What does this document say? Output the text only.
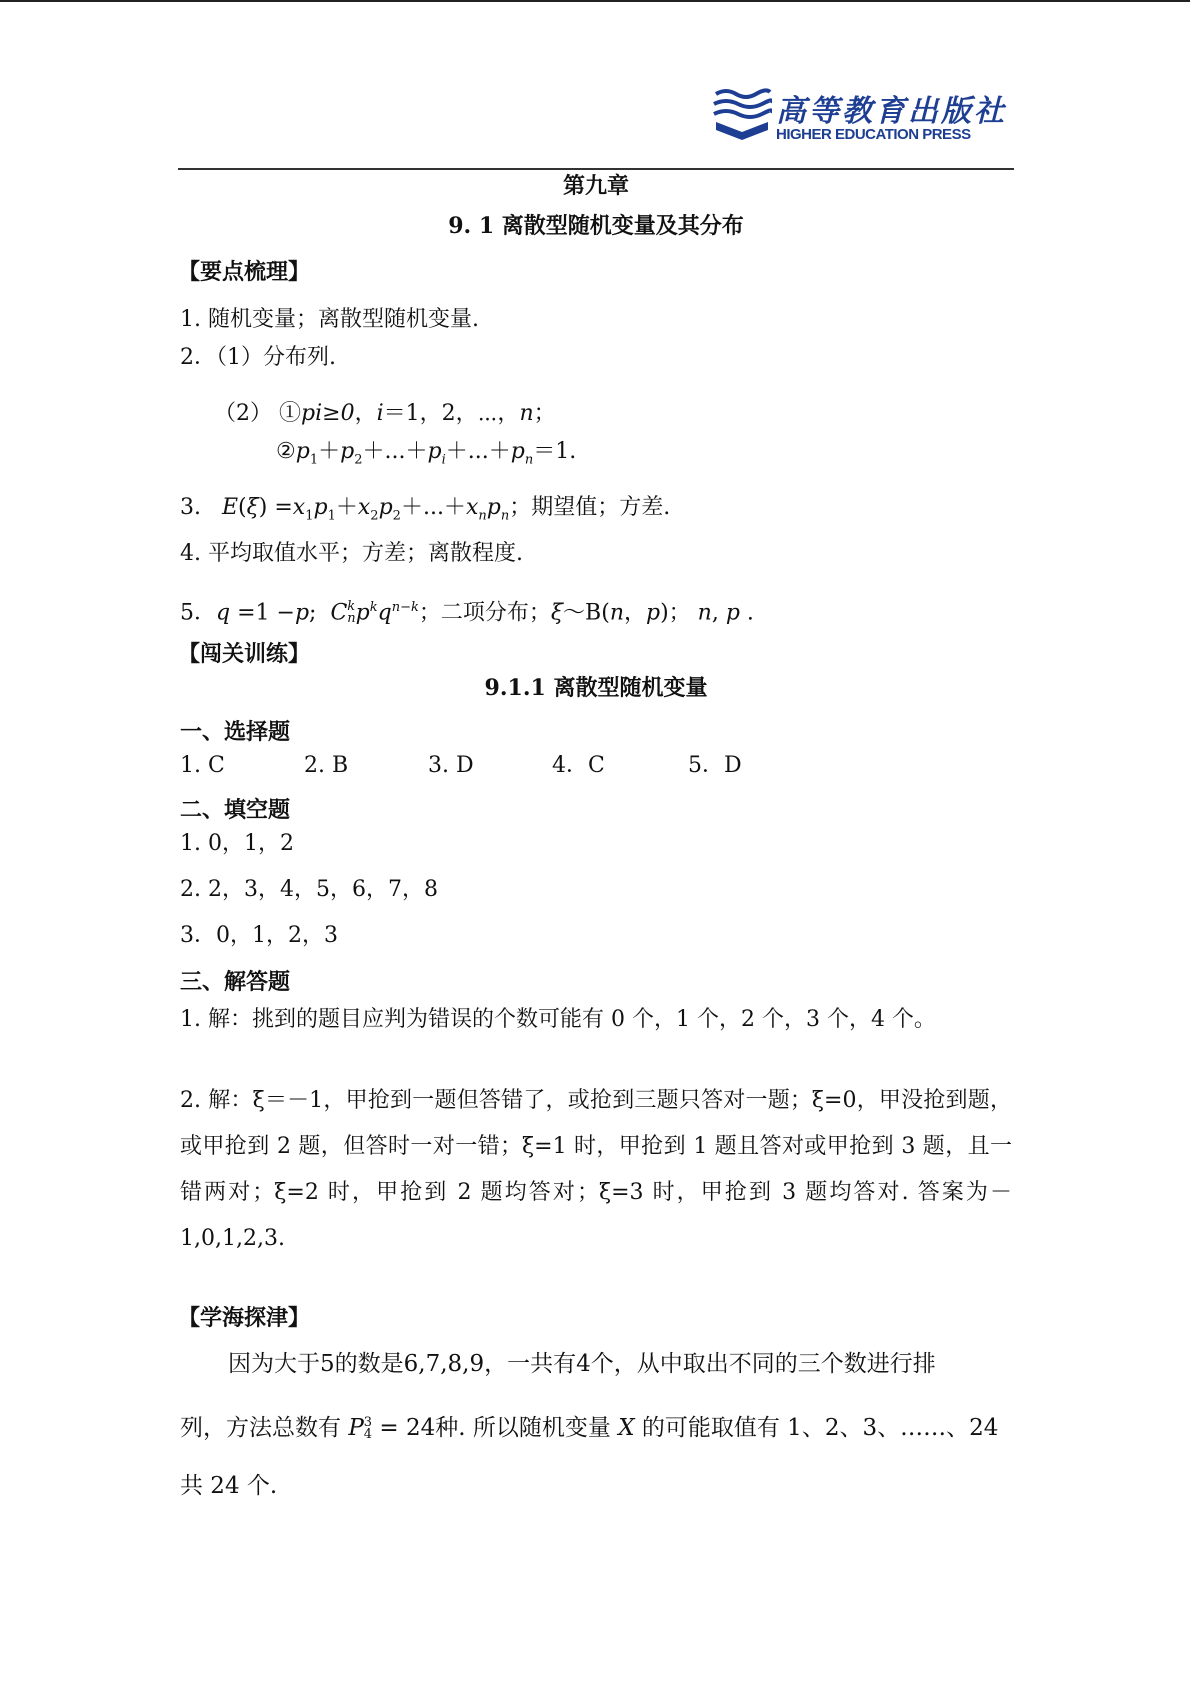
高等教育出版社
HIGHER EDUCATION PRESS
第九章
9. 1 离散型随机变量及其分布
【要点梳理】
1. 随机变量；离散型随机变量.
2．（1）分布列.
（2） ①pi≥0，i＝1，2，⋯，n；
$②p_1+p_2+...+p_i+...+p_n=1$.
3.   $E(\xi) =x_1p_1+x_2p_2+...+x_np_n$；期望值；方差.
4. 平均取值水平；方差；离散程度.
5．q =1 −p;  C k
n $p^kq^{n-k}$；二项分布；ξ～B(n，p)； n, p .
【闯关训练】
9.1.1 离散型随机变量
一、选择题
1. C	2. B	3. D	4．C	5．D
二、填空题
1. 0，1，2
2. 2，3，4，5，6，7，8
3．0，1，2，3
三、解答题
1. 解：挑到的题目应判为错误的个数可能有 0 个，1 个，2 个，3 个，4 个。
2. 解：ξ＝－1，甲抢到一题但答错了，或抢到三题只答对一题；ξ=0，甲没抢到题，或甲抢到 2 题，但答时一对一错；ξ=1 时，甲抢到 1 题且答对或甲抢到 3 题，且一错两对；ξ=2 时，甲抢到 2 题均答对；ξ=3 时，甲抢到 3 题均答对. 答案为－1,0,1,2,3.
【学海探津】
因为大于5的数是6,7,8,9，一共有4个，从中取出不同的三个数进行排
列，方法总数有 P 3
4 = 24种. 所以随机变量 X 的可能取值有 1、2、3、……、24
共 24 个.
